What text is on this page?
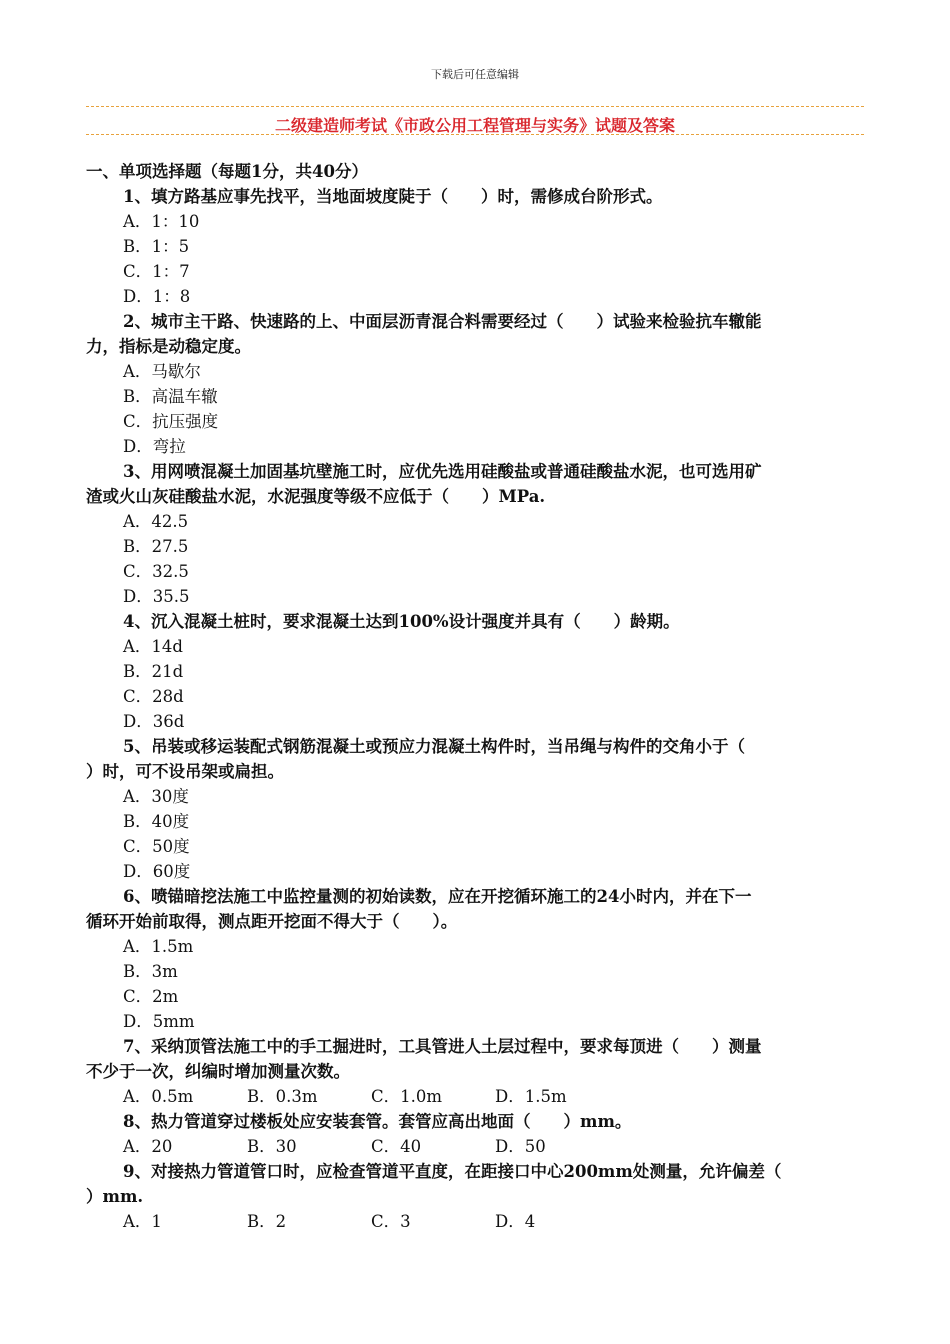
下载后可任意编辑
二级建造师考试《市政公用工程管理与实务》试题及答案
一、单项选择题（每题1分，共40分）
1、填方路基应事先找平，当地面坡度陡于（　　）时，需修成台阶形式。
A．1：10
B．1：5
C．1：7
D．1：8
2、城市主干路、快速路的上、中面层沥青混合料需要经过（　　）试验来检验抗车辙能
力，指标是动稳定度。
A．马歇尔
B．高温车辙
C．抗压强度
D．弯拉
3、用网喷混凝土加固基坑壁施工时，应优先选用硅酸盐或普通硅酸盐水泥，也可选用矿
渣或火山灰硅酸盐水泥，水泥强度等级不应低于（　　）MPa.
A．42.5
B．27.5
C．32.5
D．35.5
4、沉入混凝土桩时，要求混凝土达到100%设计强度并具有（　　）龄期。
A．14d
B．21d
C．28d
D．36d
5、吊装或移运装配式钢筋混凝土或预应力混凝土构件时，当吊绳与构件的交角小于（
）时，可不设吊架或扁担。
A．30度
B．40度
C．50度
D．60度
6、喷锚暗挖法施工中监控量测的初始读数，应在开挖循环施工的24小时内，并在下一
循环开始前取得，测点距开挖面不得大于（　　）。
A．1.5m
B．3m
C．2m
D．5mm
7、采纳顶管法施工中的手工掘进时，工具管进人土层过程中，要求每顶进（　　）测量
不少于一次，纠编时增加测量次数。
A．0.5m	B．0.3m	C．1.0m	D．1.5m
8、热力管道穿过楼板处应安装套管。套管应高出地面（　　）mm。
A．20	B．30	C．40	D．50
9、对接热力管道管口时，应检查管道平直度，在距接口中心200mm处测量，允许偏差（
）mm.
A．1	B．2	C．3	D．4
